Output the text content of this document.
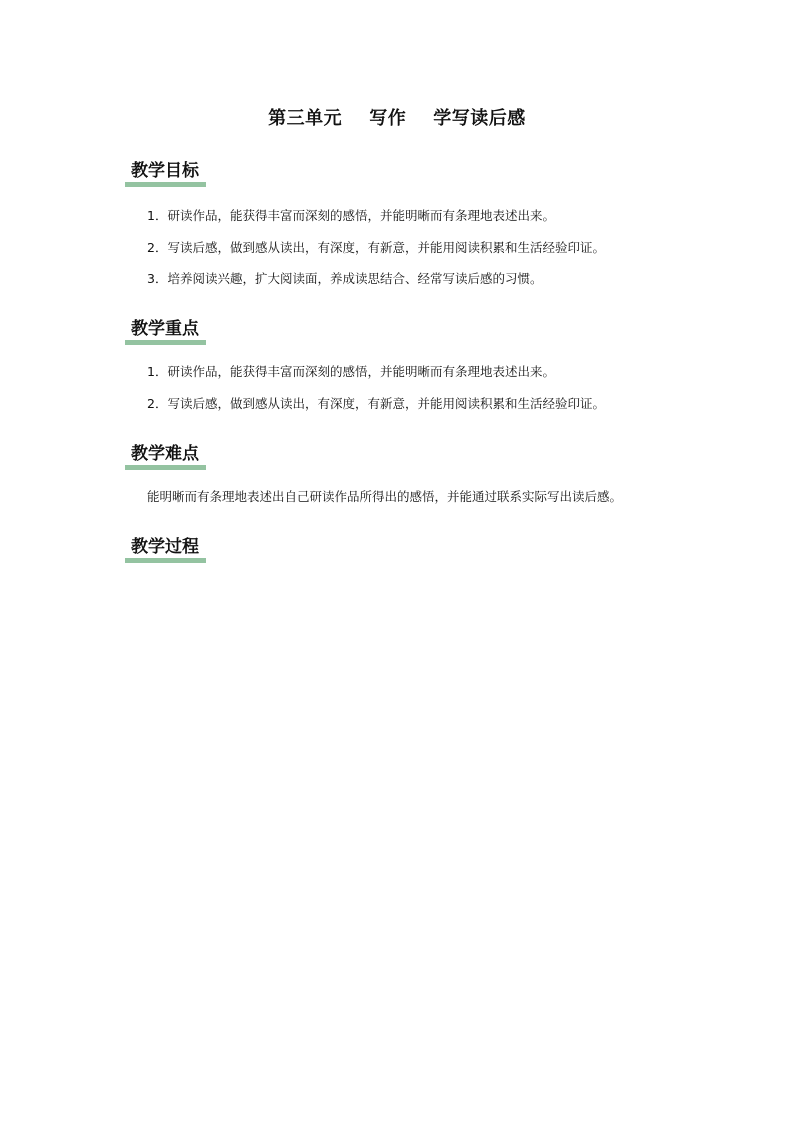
第三单元    写作    学写读后感
教学目标
1．研读作品，能获得丰富而深刻的感悟，并能明晰而有条理地表述出来。
2．写读后感，做到感从读出，有深度，有新意，并能用阅读积累和生活经验印证。
3．培养阅读兴趣，扩大阅读面，养成读思结合、经常写读后感的习惯。
教学重点
1．研读作品，能获得丰富而深刻的感悟，并能明晰而有条理地表述出来。
2．写读后感，做到感从读出，有深度，有新意，并能用阅读积累和生活经验印证。
教学难点
能明晰而有条理地表述出自己研读作品所得出的感悟，并能通过联系实际写出读后感。
教学过程
